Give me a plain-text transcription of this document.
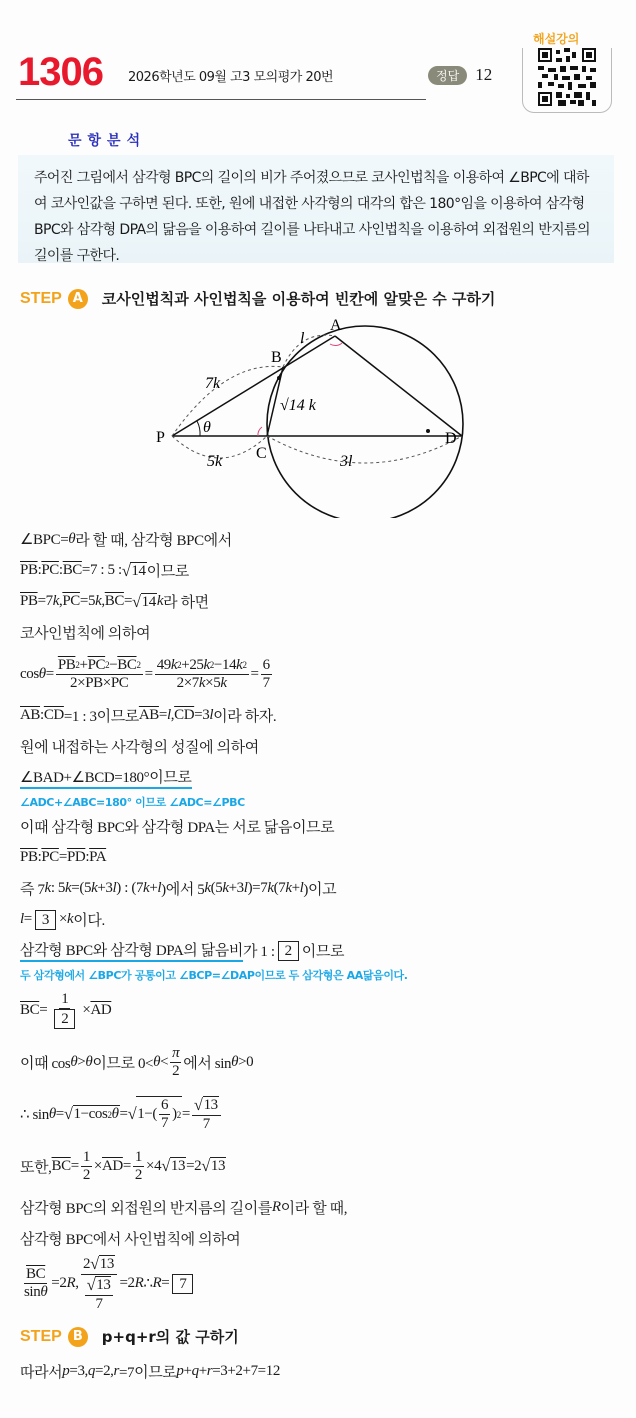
1306 2026학년도 09월 고3 모의평가 20번	정답 12
해설강의
문항분석
주어진 그림에서 삼각형 BPC의 길이의 비가 주어졌으므로 코사인법칙을 이용하여 ∠BPC에 대하여 코사인값을 구하면 된다. 또한, 원에 내접한 사각형의 대각의 합은 180°임을 이용하여 삼각형 BPC와 삼각형 DPA의 닮음을 이용하여 길이를 나타내고 사인법칙을 이용하여 외접원의 반지름의 길이를 구한다.
STEP A	코사인법칙과 사인법칙을 이용하여 빈칸에 알맞은 수 구하기
A
B
C
D
P
θ
l
7k
5k
√14 k
3l
∠BPC= θ 라 할 때, 삼각형 BPC에서
$\overline{PB}$ : $\overline{PC}$ : $\overline{BC} =7$ : 5 : √ 14 이므로
$\overline{PB} =7$ k , $\overline{PC} =5$ k , $\overline{BC}$ = √ 14 k 라 하면
코사인법칙에 의하여
$\cos \theta = \frac{\overline{PB} 2 + \overline{PC} 2 - \overline{BC} 2}{2\times \overline{PB} \times \overline{PC}} = \frac{49 k 2 +25 k 2 -14 k 2}{2\times 7 k \times 5 k} = \frac{6}{7}$
$\overline{AB}$ : $\overline{CD} =1$ : 3이므로 $\overline{AB} = l$ , $\overline{CD} =3$ l 이라 하자.
원에 내접하는 사각형의 성질에 의하여
∠BAD+∠BCD=180°이므로
∠ADC+∠ABC=180° 이므로 ∠ADC=∠PBC
이때 삼각형 BPC와 삼각형 DPA는 서로 닮음이므로
$\overline{PB}$ : $\overline{PC} = \overline{PD}$ : $\overline{PA}$
즉 7 k : 5 k =(5 k +3 l ) : (7 k + l )에서 5 k (5 k +3 l )=7 k (7 k + l )이고
l = 3 × k 이다.
삼각형 BPC와 삼각형 DPA의 닮음비 가 1 : 2 이므로
두 삼각형에서 ∠BPC가 공통이고 ∠BCP=∠DAP이므로 두 삼각형은 AA닮음이다.
$\overline{BC} = \frac{1}{2} \times \overline{AD}$
이때 cos θ > θ 이므로 $0< \theta < \frac{\pi}{2}$ 에서 sin θ >0
∴ sin θ = √ 1−cos 2 θ = √ $1-( \frac{6}{7}$ ) $2 = \frac{√ 13}{7}$
또한, $\overline{BC} = \frac{1}{2} \times \overline{AD} = \frac{1}{2} \times 4$ √ 13 =2 √ 13
삼각형 BPC의 외접원의 반지름의 길이를 R 이라 할 때,
삼각형 BPC에서 사인법칙에 의하여
$\frac{\overline{BC}}{\text{sin θ}} =2$ R , $\frac{2 √ 13}{\frac{√ 13}{7}} =2$ R ∴ R = 7
STEP B	p+q+r의 값 구하기
따라서 p =3, q =2, r =7이므로 p + q + r =3+2+7=12
